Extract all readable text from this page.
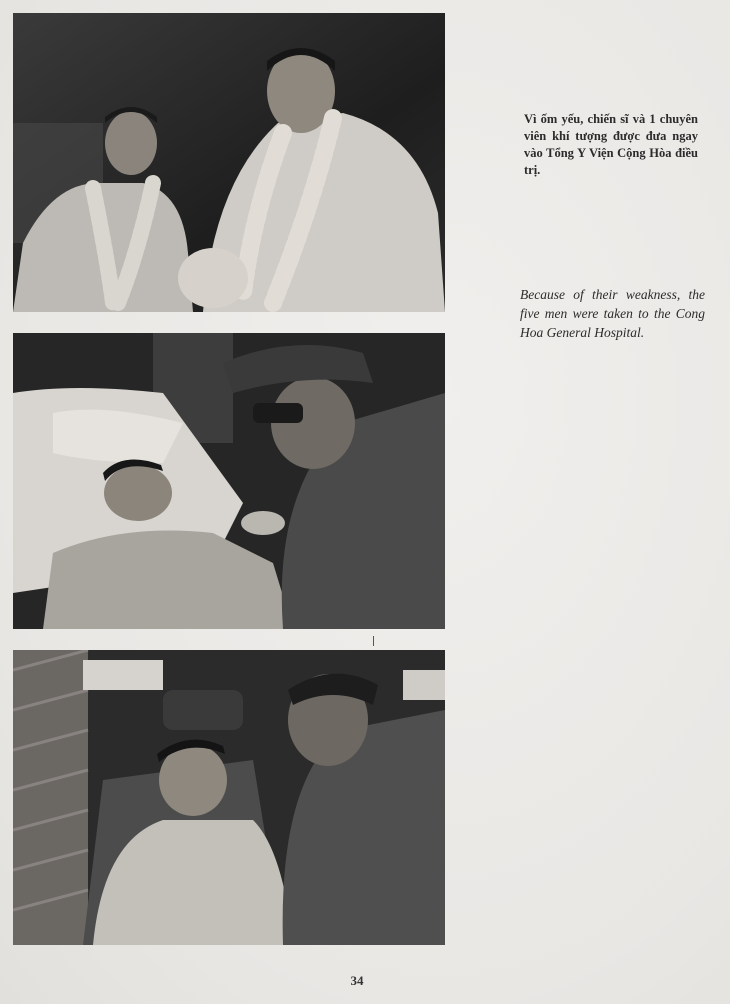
Vì ốm yếu, chiến sĩ và 1 chuyên viên khí tượng được đưa ngay vào Tổng Y Viện Cộng Hòa điều trị.
Because of their weakness, the five men were taken to the Cong Hoa General Hospital.
34
